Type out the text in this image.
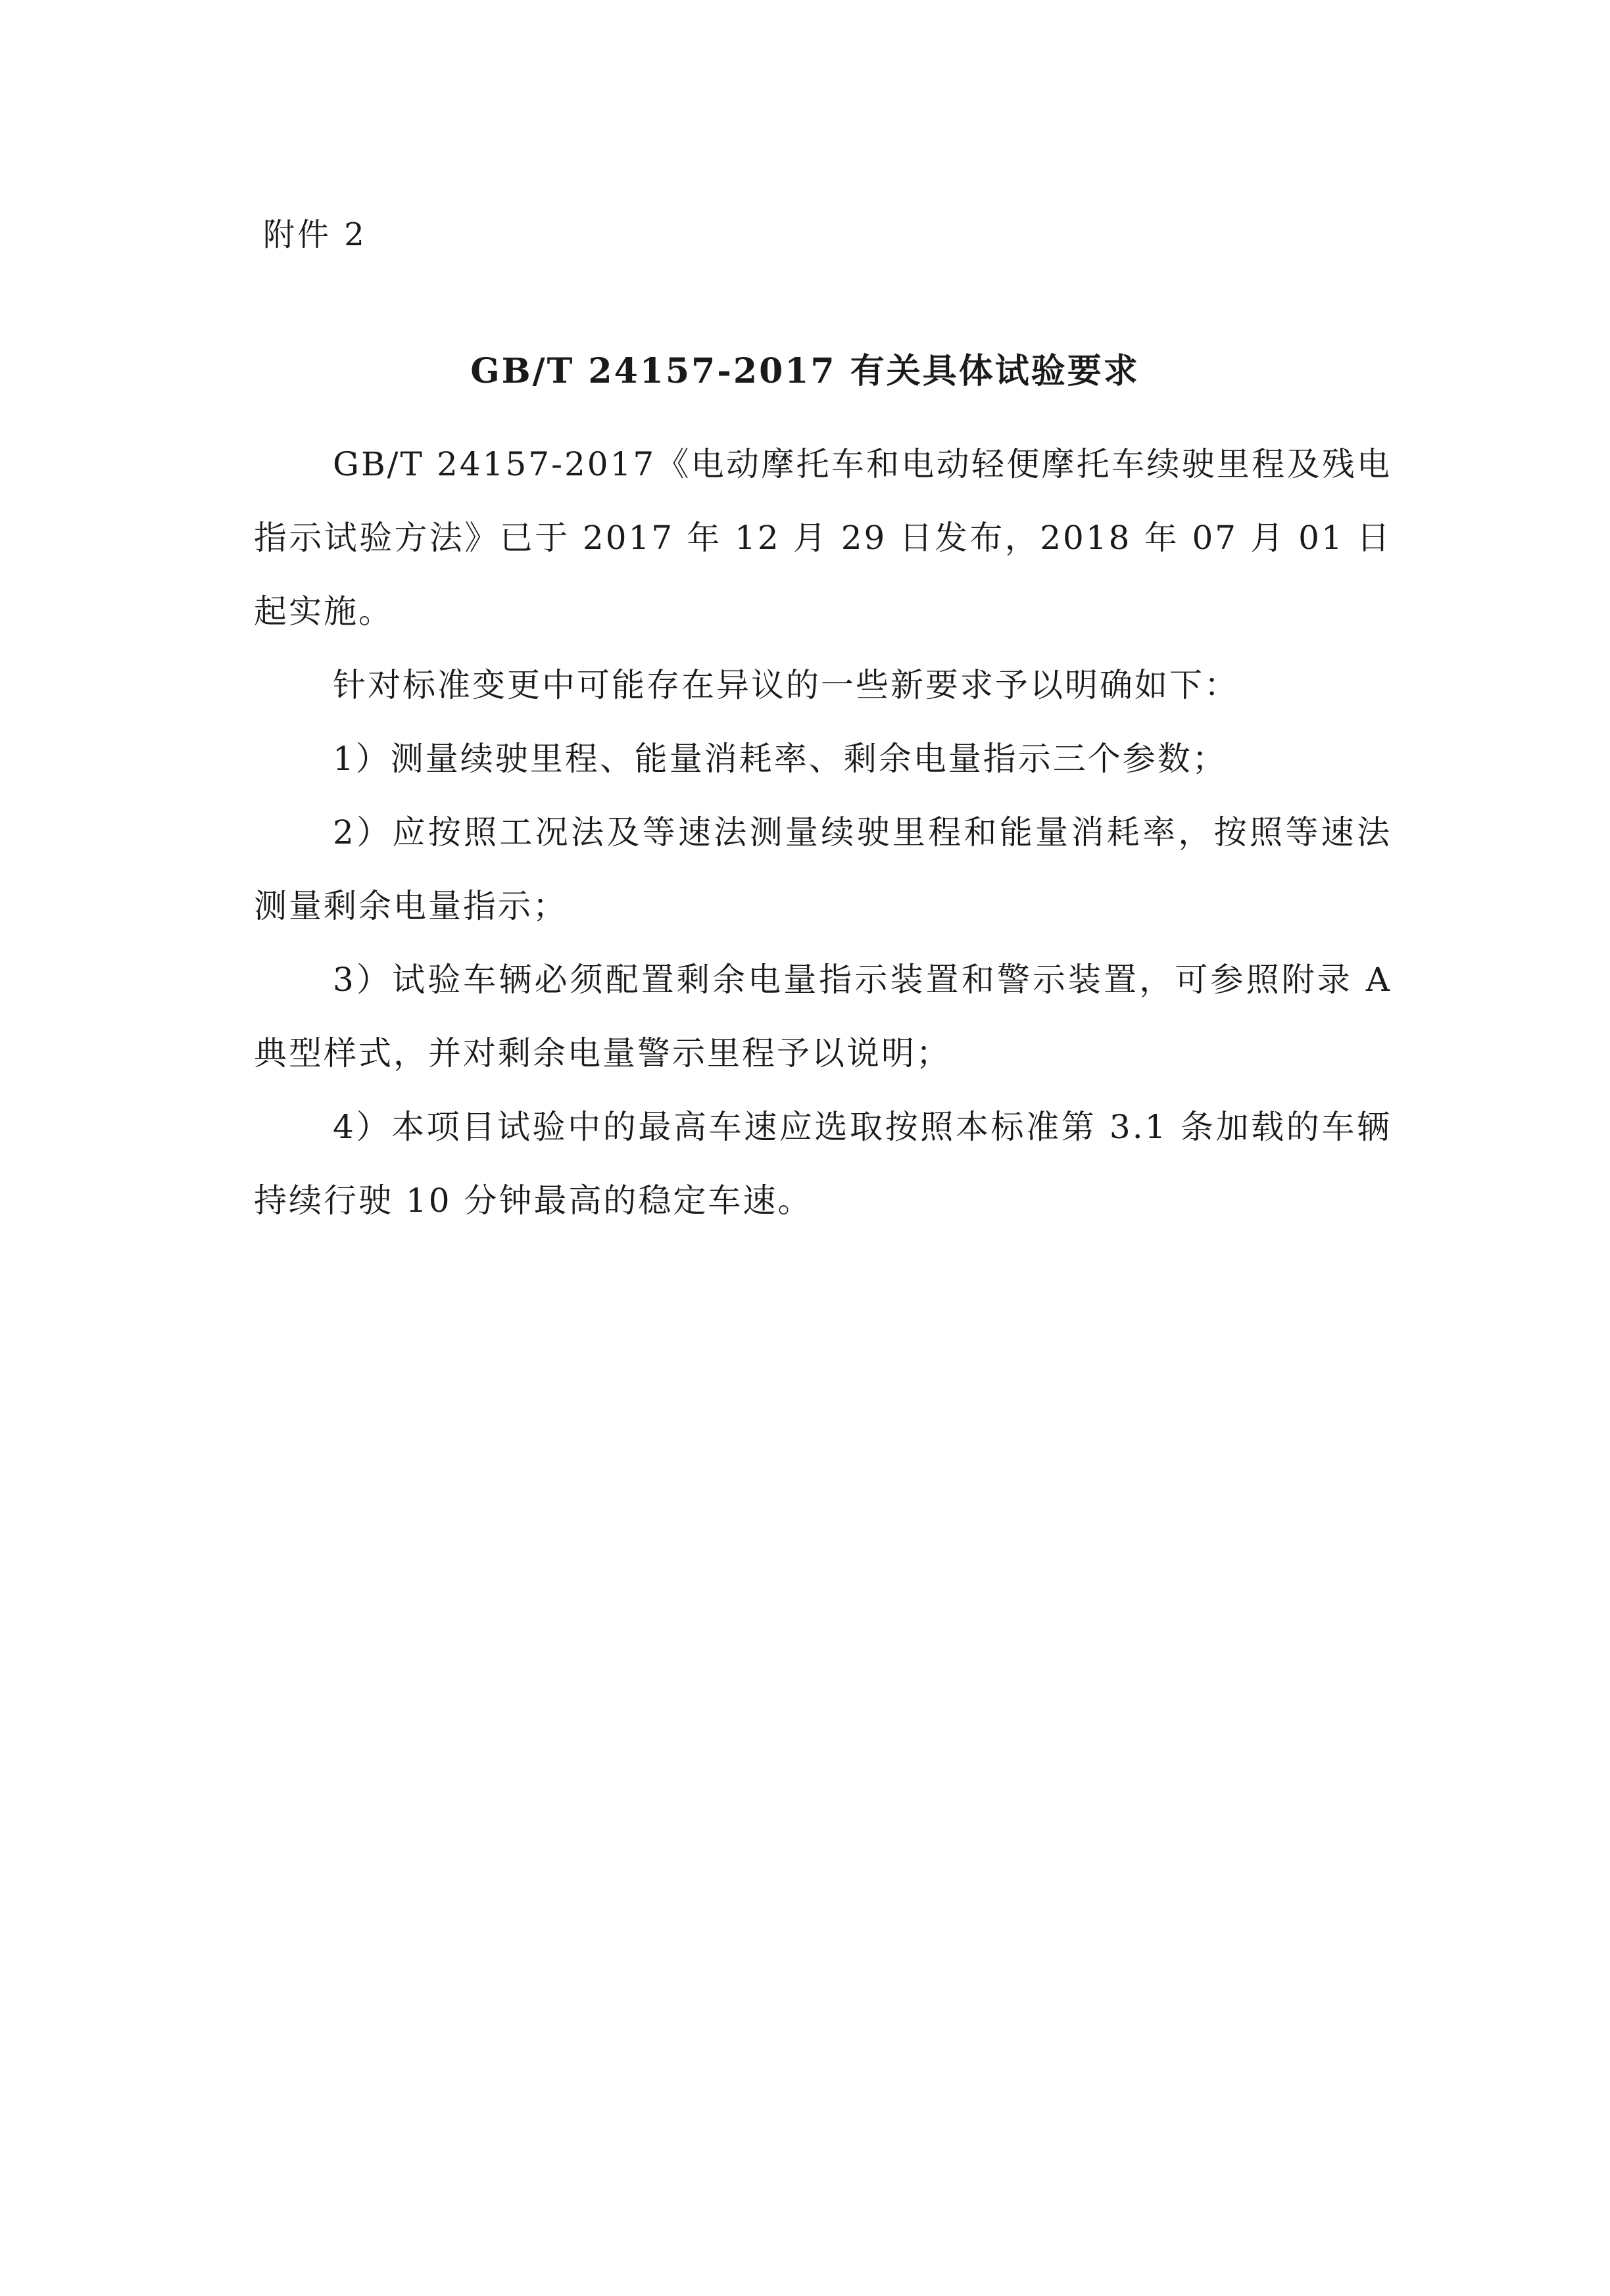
附件 2
GB/T 24157-2017 有关具体试验要求

GB/T 24157-2017《电动摩托车和电动轻便摩托车续驶里程及残电指示试验方法》已于 2017 年 12 月 29 日发布，2018 年 07 月 01 日起实施。

针对标准变更中可能存在异议的一些新要求予以明确如下：

1）测量续驶里程、能量消耗率、剩余电量指示三个参数；

2）应按照工况法及等速法测量续驶里程和能量消耗率，按照等速法测量剩余电量指示；

3）试验车辆必须配置剩余电量指示装置和警示装置，可参照附录 A 典型样式，并对剩余电量警示里程予以说明；

4）本项目试验中的最高车速应选取按照本标准第 3.1 条加载的车辆持续行驶 10 分钟最高的稳定车速。
